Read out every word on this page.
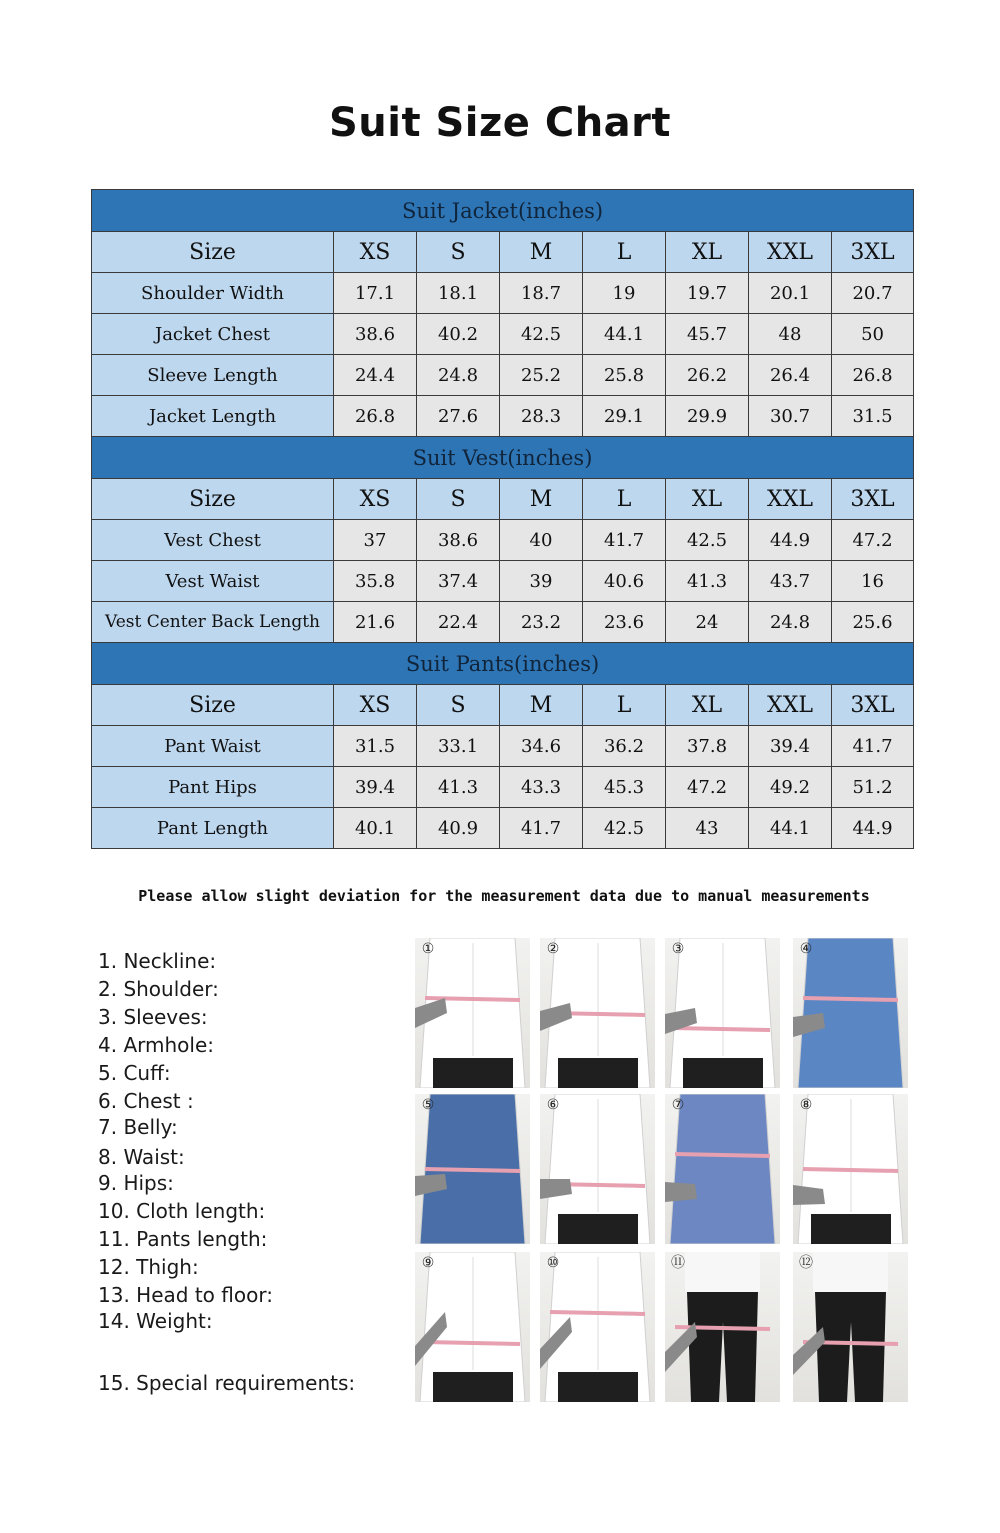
Suit Size Chart
Suit Jacket(inches)							
Size	XS	S	M	L	XL	XXL	3XL
Shoulder Width	17.1	18.1	18.7	19	19.7	20.1	20.7
Jacket Chest	38.6	40.2	42.5	44.1	45.7	48	50
Sleeve Length	24.4	24.8	25.2	25.8	26.2	26.4	26.8
Jacket Length	26.8	27.6	28.3	29.1	29.9	30.7	31.5
Suit Vest(inches)							
Size	XS	S	M	L	XL	XXL	3XL
Vest Chest	37	38.6	40	41.7	42.5	44.9	47.2
Vest Waist	35.8	37.4	39	40.6	41.3	43.7	16
Vest Center Back Length	21.6	22.4	23.2	23.6	24	24.8	25.6
Suit Pants(inches)							
Size	XS	S	M	L	XL	XXL	3XL
Pant Waist	31.5	33.1	34.6	36.2	37.8	39.4	41.7
Pant Hips	39.4	41.3	43.3	45.3	47.2	49.2	51.2
Pant Length	40.1	40.9	41.7	42.5	43	44.1	44.9
Please allow slight deviation for the measurement data due to manual measurements
1. Neckline:
2. Shoulder:
3. Sleeves:
4. Armhole:
5. Cuff:
6. Chest :
7. Belly:
8. Waist:
9. Hips:
10. Cloth length:
11. Pants length:
12. Thigh:
13. Head to floor:
14. Weight:
15. Special requirements:
①	②	③	④
⑤	⑥	⑦	⑧
⑨	⑩	⑪	⑫
